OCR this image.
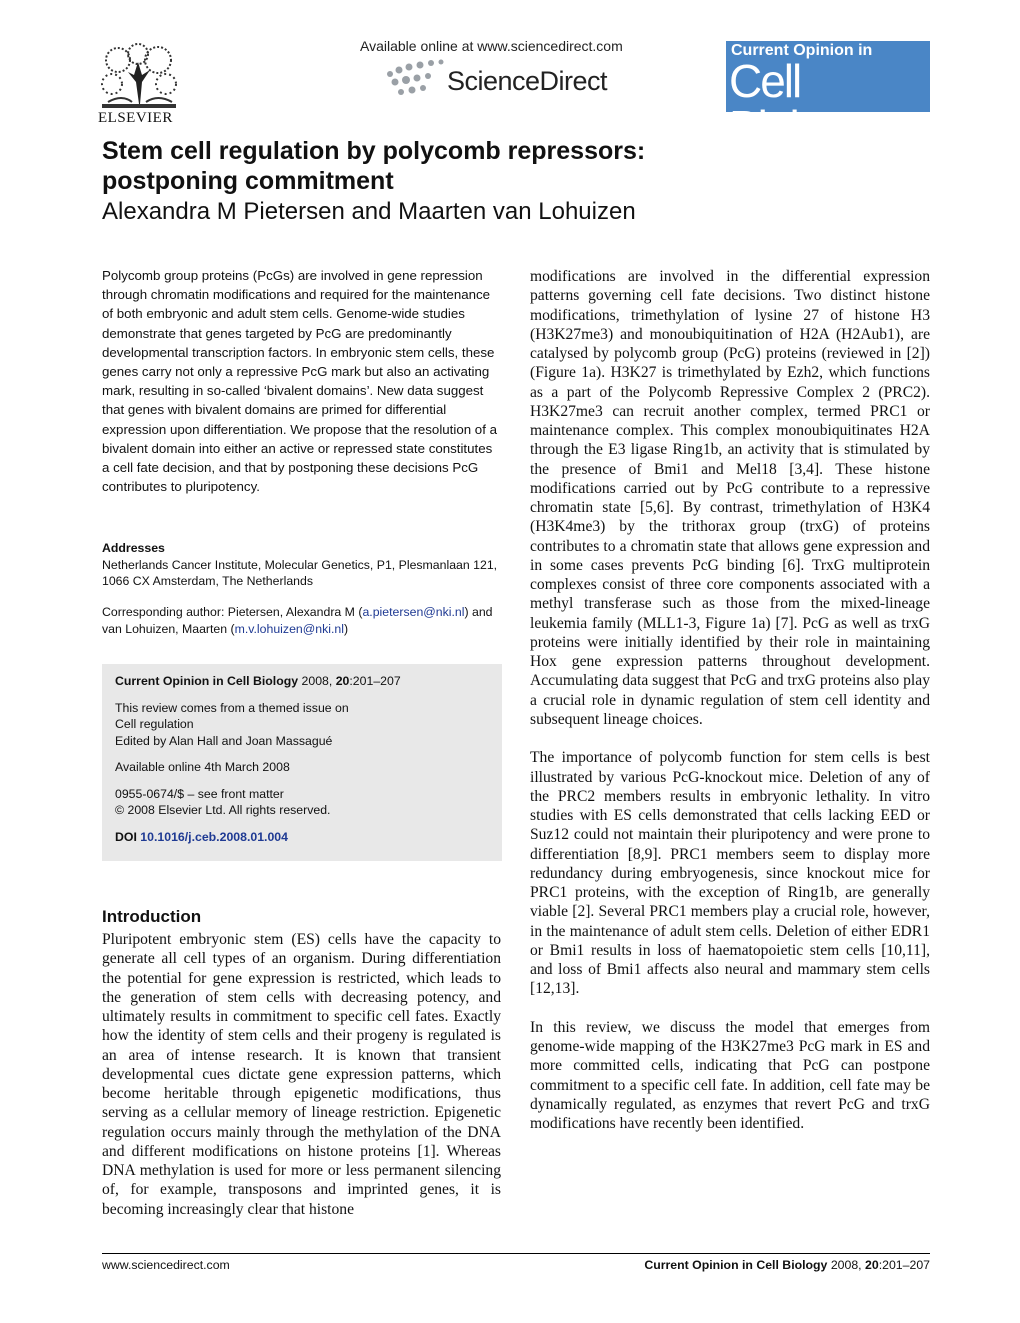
ELSEVIER
Available online at www.sciencedirect.com
ScienceDirect
Current Opinion in
Cell Biology
Stem cell regulation by polycomb repressors:
postponing commitment
Alexandra M Pietersen and Maarten van Lohuizen
Polycomb group proteins (PcGs) are involved in gene repression through chromatin modifications and required for the maintenance of both embryonic and adult stem cells. Genome-wide studies demonstrate that genes targeted by PcG are predominantly developmental transcription factors. In embryonic stem cells, these genes carry not only a repressive PcG mark but also an activating mark, resulting in so-called ‘bivalent domains’. New data suggest that genes with bivalent domains are primed for differential expression upon differentiation. We propose that the resolution of a bivalent domain into either an active or repressed state constitutes a cell fate decision, and that by postponing these decisions PcG contributes to pluripotency.
Addresses
Netherlands Cancer Institute, Molecular Genetics, P1, Plesmanlaan 121, 1066 CX Amsterdam, The Netherlands
Corresponding author: Pietersen, Alexandra M (a.pietersen@nki.nl) and van Lohuizen, Maarten (m.v.lohuizen@nki.nl)

Current Opinion in Cell Biology 2008, 20:201–207

This review comes from a themed issue on

Cell regulation

Edited by Alan Hall and Joan Massagué

Available online 4th March 2008

0955-0674/$ – see front matter

© 2008 Elsevier Ltd. All rights reserved.

DOI 10.1016/j.ceb.2008.01.004

Introduction

Pluripotent embryonic stem (ES) cells have the capacity to generate all cell types of an organism. During differentiation the potential for gene expression is restricted, which leads to the generation of stem cells with decreasing potency, and ultimately results in commitment to specific cell fates. Exactly how the identity of stem cells and their progeny is regulated is an area of intense research. It is known that transient developmental cues dictate gene expression patterns, which become heritable through epigenetic modifications, thus serving as a cellular memory of lineage restriction. Epigenetic regulation occurs mainly through the methylation of the DNA and different modifications on histone proteins [1]. Whereas DNA methylation is used for more or less permanent silencing of, for example, transposons and imprinted genes, it is becoming increasingly clear that histone

modifications are involved in the differential expression patterns governing cell fate decisions. Two distinct histone modifications, trimethylation of lysine 27 of histone H3 (H3K27me3) and monoubiquitination of H2A (H2Aub1), are catalysed by polycomb group (PcG) proteins (reviewed in [2]) (Figure 1a). H3K27 is trimethylated by Ezh2, which functions as a part of the Polycomb Repressive Complex 2 (PRC2). H3K27me3 can recruit another complex, termed PRC1 or maintenance complex. This complex monoubiquitinates H2A through the E3 ligase Ring1b, an activity that is stimulated by the presence of Bmi1 and Mel18 [3,4]. These histone modifications carried out by PcG contribute to a repressive chromatin state [5,6]. By contrast, trimethylation of H3K4 (H3K4me3) by the trithorax group (trxG) of proteins contributes to a chromatin state that allows gene expression and in some cases prevents PcG binding [6]. TrxG multiprotein complexes consist of three core components associated with a methyl transferase such as those from the mixed-lineage leukemia family (MLL1-3, Figure 1a) [7]. PcG as well as trxG proteins were initially identified by their role in maintaining Hox gene expression patterns throughout development. Accumulating data suggest that PcG and trxG proteins also play a crucial role in dynamic regulation of stem cell identity and subsequent lineage choices.

The importance of polycomb function for stem cells is best illustrated by various PcG-knockout mice. Deletion of any of the PRC2 members results in embryonic lethality. In vitro studies with ES cells demonstrated that cells lacking EED or Suz12 could not maintain their pluripotency and were prone to differentiation [8,9]. PRC1 members seem to display more redundancy during embryogenesis, since knockout mice for PRC1 proteins, with the exception of Ring1b, are generally viable [2]. Several PRC1 members play a crucial role, however, in the maintenance of adult stem cells. Deletion of either EDR1 or Bmi1 results in loss of haematopoietic stem cells [10,11], and loss of Bmi1 affects also neural and mammary stem cells [12,13].

In this review, we discuss the model that emerges from genome-wide mapping of the H3K27me3 PcG mark in ES and more committed cells, indicating that PcG can postpone commitment to a specific cell fate. In addition, cell fate may be dynamically regulated, as enzymes that revert PcG and trxG modifications have recently been identified.

www.sciencedirect.com	Current Opinion in Cell Biology 2008, 20:201–207
